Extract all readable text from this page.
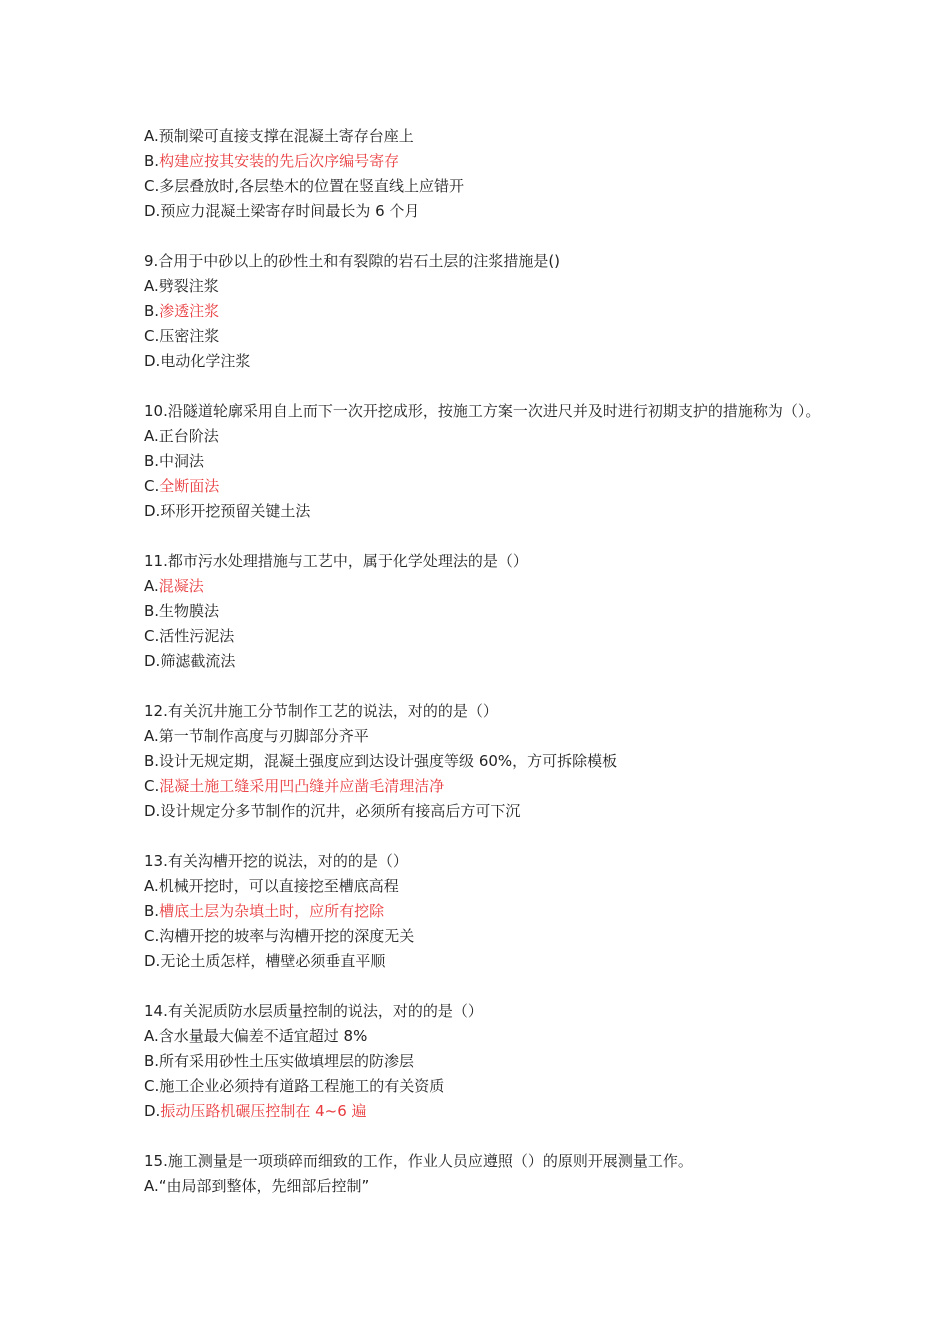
A.预制梁可直接支撑在混凝土寄存台座上
B.构建应按其安装的先后次序编号寄存
C.多层叠放时,各层垫木的位置在竖直线上应错开
D.预应力混凝土梁寄存时间最长为 6 个月
9.合用于中砂以上的砂性土和有裂隙的岩石土层的注浆措施是()
A.劈裂注浆
B.渗透注浆
C.压密注浆
D.电动化学注浆
10.沿隧道轮廓采用自上而下一次开挖成形，按施工方案一次进尺并及时进行初期支护的措施称为（）。
A.正台阶法
B.中洞法
C.全断面法
D.环形开挖预留关键土法
11.都市污水处理措施与工艺中，属于化学处理法的是（）
A.混凝法
B.生物膜法
C.活性污泥法
D.筛滤截流法
12.有关沉井施工分节制作工艺的说法，对的的是（）
A.第一节制作高度与刃脚部分齐平
B.设计无规定期，混凝土强度应到达设计强度等级 60%，方可拆除模板
C.混凝土施工缝采用凹凸缝并应凿毛清理洁净
D.设计规定分多节制作的沉井，必须所有接高后方可下沉
13.有关沟槽开挖的说法，对的的是（）
A.机械开挖时，可以直接挖至槽底高程
B.槽底土层为杂填土时，应所有挖除
C.沟槽开挖的坡率与沟槽开挖的深度无关
D.无论土质怎样，槽壁必须垂直平顺
14.有关泥质防水层质量控制的说法，对的的是（）
A.含水量最大偏差不适宜超过 8%
B.所有采用砂性土压实做填埋层的防渗层
C.施工企业必须持有道路工程施工的有关资质
D.振动压路机碾压控制在 4~6 遍
15.施工测量是一项琐碎而细致的工作，作业人员应遵照（）的原则开展测量工作。
A.“由局部到整体，先细部后控制”
